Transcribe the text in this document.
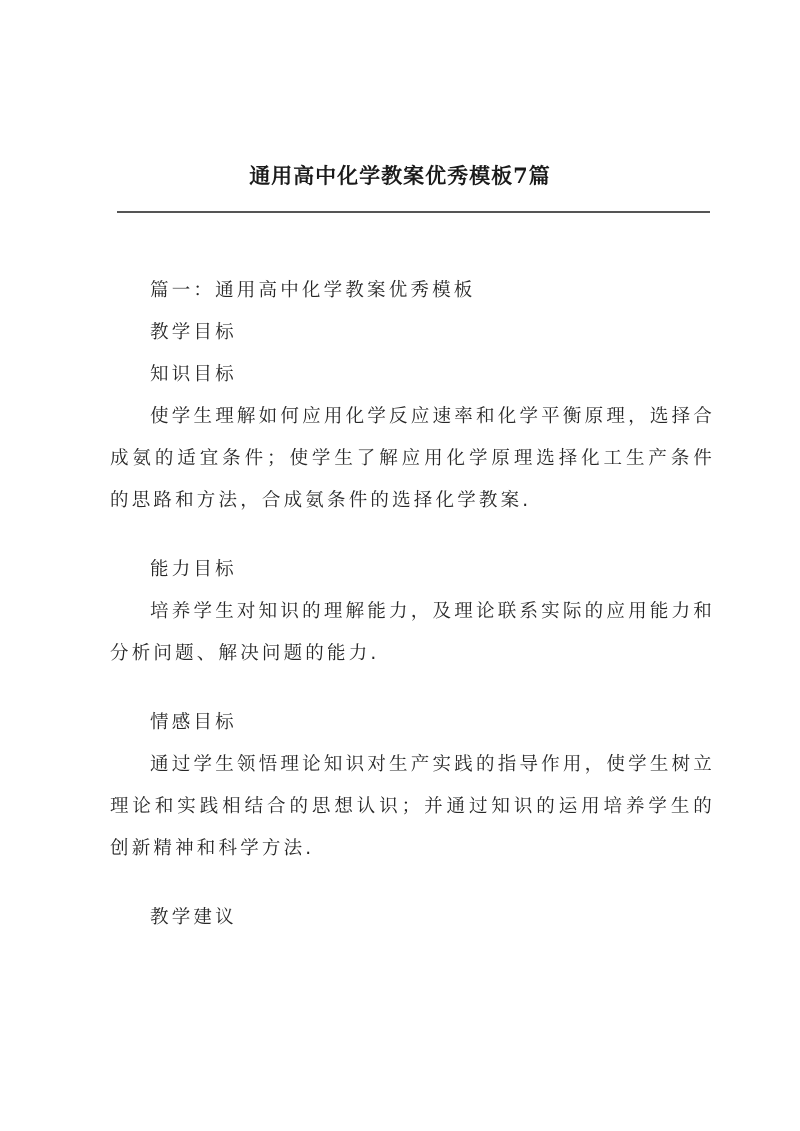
通用高中化学教案优秀模板7篇

篇一：通用高中化学教案优秀模板

教学目标

知识目标

使学生理解如何应用化学反应速率和化学平衡原理，选择合成氨的适宜条件；使学生了解应用化学原理选择化工生产条件的思路和方法，合成氨条件的选择化学教案.

能力目标

培养学生对知识的理解能力，及理论联系实际的应用能力和分析问题、解决问题的能力.

情感目标

通过学生领悟理论知识对生产实践的指导作用，使学生树立理论和实践相结合的思想认识；并通过知识的运用培养学生的创新精神和科学方法.

教学建议
